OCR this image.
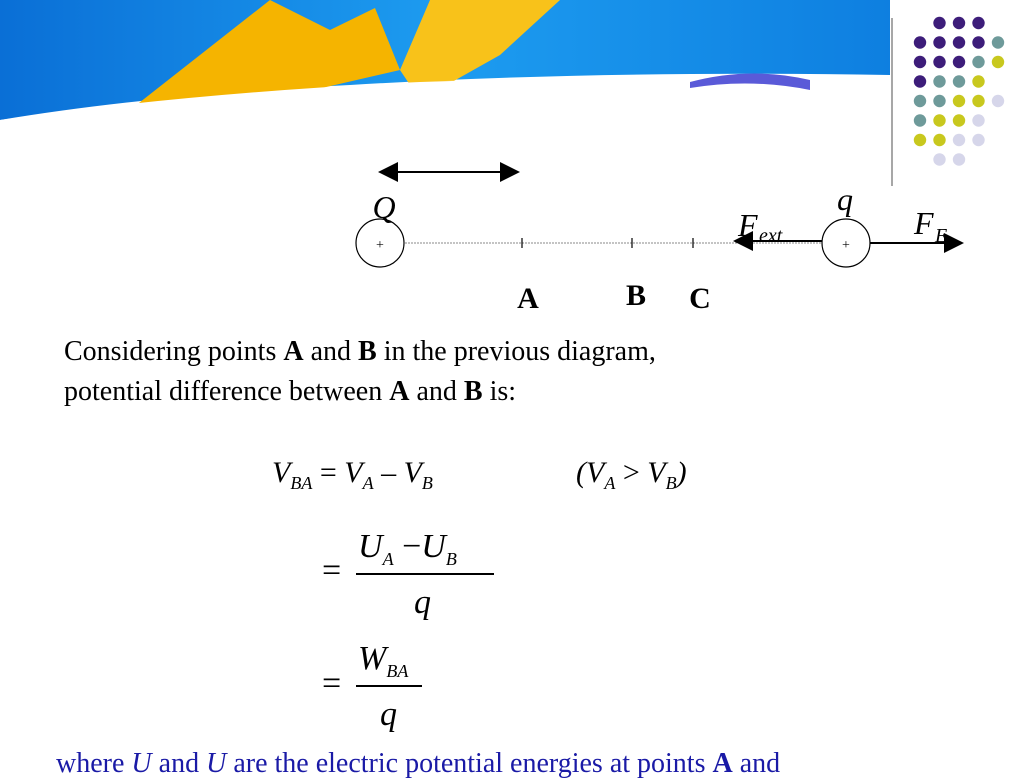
+	+
Q	q
F ext	F E
A	B C
Considering points A and B in the previous diagram,
potential difference between A and B is:
$V_{BA} = V_A - V_B$	$(V_A > V_B)$
=
$U_A -U_B$
q
=
$W_{BA}$
q
where U and U are the electric potential energies at points A and
